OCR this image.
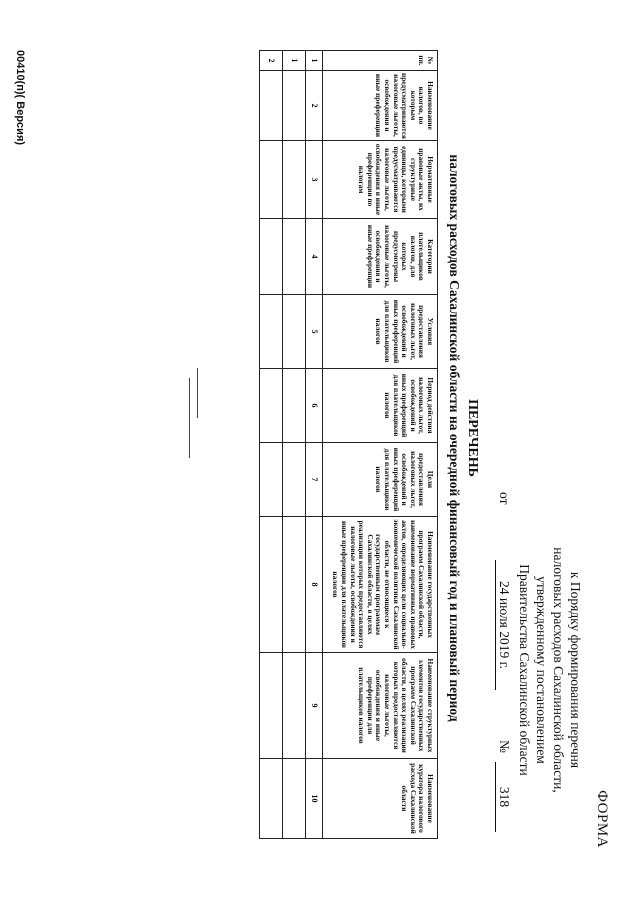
ФОРМА
к Порядку формирования перечня
налоговых расходов Сахалинской области,
утвержденному постановлением
Правительства Сахалинской области
от
24 июля 2019 г.
№
318
ПЕРЕЧЕНЬ
налоговых расходов Сахалинской области на очередной финансовый год и плановый период
№ пп.	Наименование налогов, по которым предусматриваются налоговые льготы, освобождения и иные преференции	Нормативные правовые акты, их структурные единицы, которыми предусматриваются налоговые льготы, освобождения и иные преференции по налогам	Категории плательщиков налогов, для которых предусмотрены налоговые льготы, освобождения и иные преференции	Условия предоставления налоговых льгот, освобождений и иных преференций для плательщиков налогов	Период действия налоговых льгот, освобождений и иных преференций для плательщиков налогов	Цели предоставления налоговых льгот, освобождений и иных преференций для плательщиков налогов	Наименование государственных программ Сахалинской области, наименование нормативных правовых актов, определяющих цели социально-экономической политики Сахалинской области, не относящиеся к государственным программам Сахалинской области, в целях реализации которых предоставляются налоговые льготы, освобождения и иные преференции для плательщиков налогов	Наименование структурных элементов государственных программ Сахалинской области, в целях реализации которых предоставляются налоговые льготы, освобождения и иные преференции для плательщиков налогов	Наименование куратора налогового расхода Сахалинской области
1	2	3	4	5	6	7	8	9	10
1									
2									
00410(п)( Версия)
